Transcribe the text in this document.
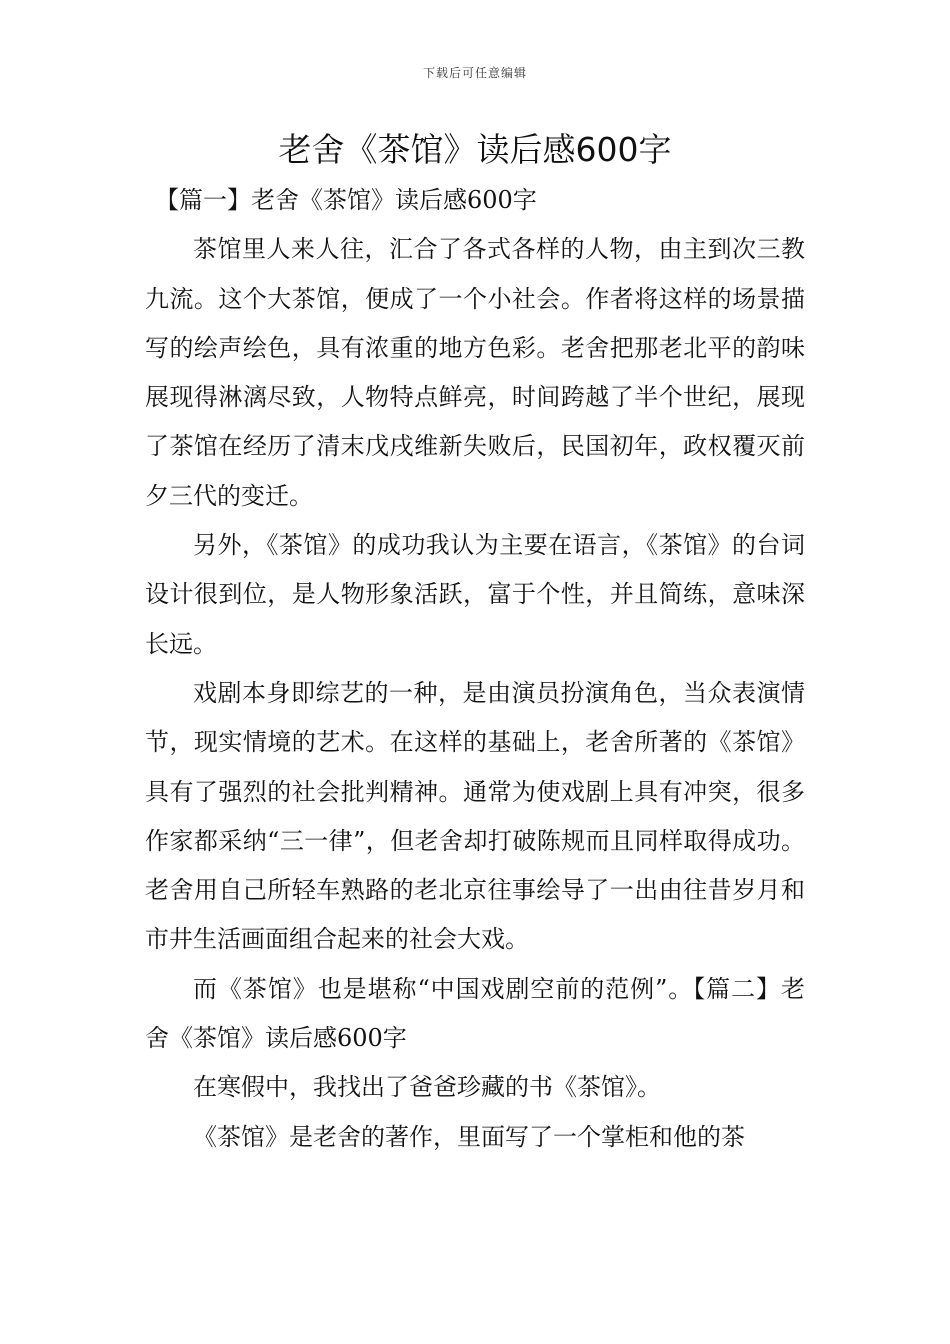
下载后可任意编辑
老舍《茶馆》读后感600字

【篇一】老舍《茶馆》读后感600字

茶馆里人来人往，汇合了各式各样的人物，由主到次三教九流。这个大茶馆，便成了一个小社会。作者将这样的场景描写的绘声绘色，具有浓重的地方色彩。老舍把那老北平的韵味展现得淋漓尽致，人物特点鲜亮，时间跨越了半个世纪，展现了茶馆在经历了清末戊戌维新失败后，民国初年，政权覆灭前夕三代的变迁。

另外，《茶馆》的成功我认为主要在语言，《茶馆》的台词设计很到位，是人物形象活跃，富于个性，并且简练，意味深长远。

戏剧本身即综艺的一种，是由演员扮演角色，当众表演情节，现实情境的艺术。在这样的基础上，老舍所著的《茶馆》具有了强烈的社会批判精神。通常为使戏剧上具有冲突，很多作家都采纳“三一律”，但老舍却打破陈规而且同样取得成功。老舍用自己所轻车熟路的老北京往事绘导了一出由往昔岁月和市井生活画面组合起来的社会大戏。

而《茶馆》也是堪称“中国戏剧空前的范例”。【篇二】老舍《茶馆》读后感600字

在寒假中，我找出了爸爸珍藏的书《茶馆》。

《茶馆》是老舍的著作，里面写了一个掌柜和他的茶
